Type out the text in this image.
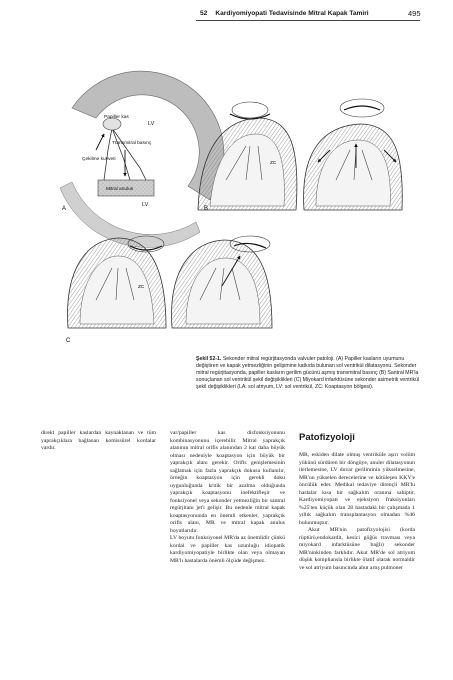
52 Kardiyomiyopati Tedavisinde Mitral Kapak Tamiri	495
Papiller kas
LV
Transmitral basınç
Çekilme kuvveti
Mitral anulus
LV
A
ZC
B
ZC
C
Şekil 52-1. Sekonder mitral regürjitasyonda valvuler patoloji. (A) Papiller kasların uyumunu değiştiren ve kapak yetmezliğinin gelişimine katkıda bulunan sol ventrikül dilatasyonu. Sekonder mitral regürjitasyonda, papiller kasların gerilim gücünü aşmış transmitral basınç (B) Santral MR'la sonuçlanan sol ventrikül şekil değişiklikleri (C) Miyokard infarktüsüne sekonder asimetrik ventrikül şekil değişiklikleri (LA: sol atriyum, LV: sol ventrikül, ZC: Koaptasyon bölgesi).

direkt papiller kaslardan kaynaklanan ve tüm yaprakçıklara bağlanan komissürel kordalar vardır.

var/papiller kas disfonksiyonunu kombinasyonunu içerebilir. Mitral yaprakçık alanının mitral orifis alanından 2 kat daha büyük olması nedeniyle koaptasyon için büyük bir yaprakçık alanı gerekir. Orifis genişlemesinin sağlamak için fazla yaprakçık dokusu kullanılır, örneğin koaptasyon için gerekli doku uygunluğunda kritik bir azalma olduğunda yaprakçık koaptasyonu inefektifleşir ve fonksiyonel veya sekonder yetmezliğin bir santral regürjitanı jet'i gelişir. Bu nedenle mitral kapak koaptasyonunda en önemli etkenler, yaprakçık orifis alanı, MR ve mitral kapak anulus boyutlarıdır.

LV boyutu fonksiyonel MR'da az önemlidir çünkü kordal ve papiller kas uzunluğu idiopatik kardiyomiyopatiyle birlikte olan veya olmayan MR'lı hastalarda önemli ölçüde değişmez.

Patofizyoloji

MR, eskiden dilate olmuş ventriküle aşırı volüm yükünü sürdüren bir döngüye, anuler dilatasyonun ilerlemesine, LV duvar geriliminin yükselmesine, MR'un yükselen derecelerine ve kötüleşen KKY'e öncülük eder. Medikal tedaviye dirençli MR'lu hastalar kısa bir sağkalım oranına sahiptir. Kardiyomiyopati ve ejeksiyon fraksiyonları %25'ten küçük olan 28 hastadaki bir çalışmada 1 yıllık sağkalım transplantasyon olmadan %46 bulunmuştur.

Akut MR'nin patofizyolojisi (korda rüptürü,endokardit, kesici göğüs travması veya miyokard infarktüsüne bağlı) sekonder MR'ninkinden farklıdır. Akut MR'de sol atriyum düşük kompliansla birlikte ölatif olarak normaldir ve sol atriyum basıncında ahut artış pulmoner
